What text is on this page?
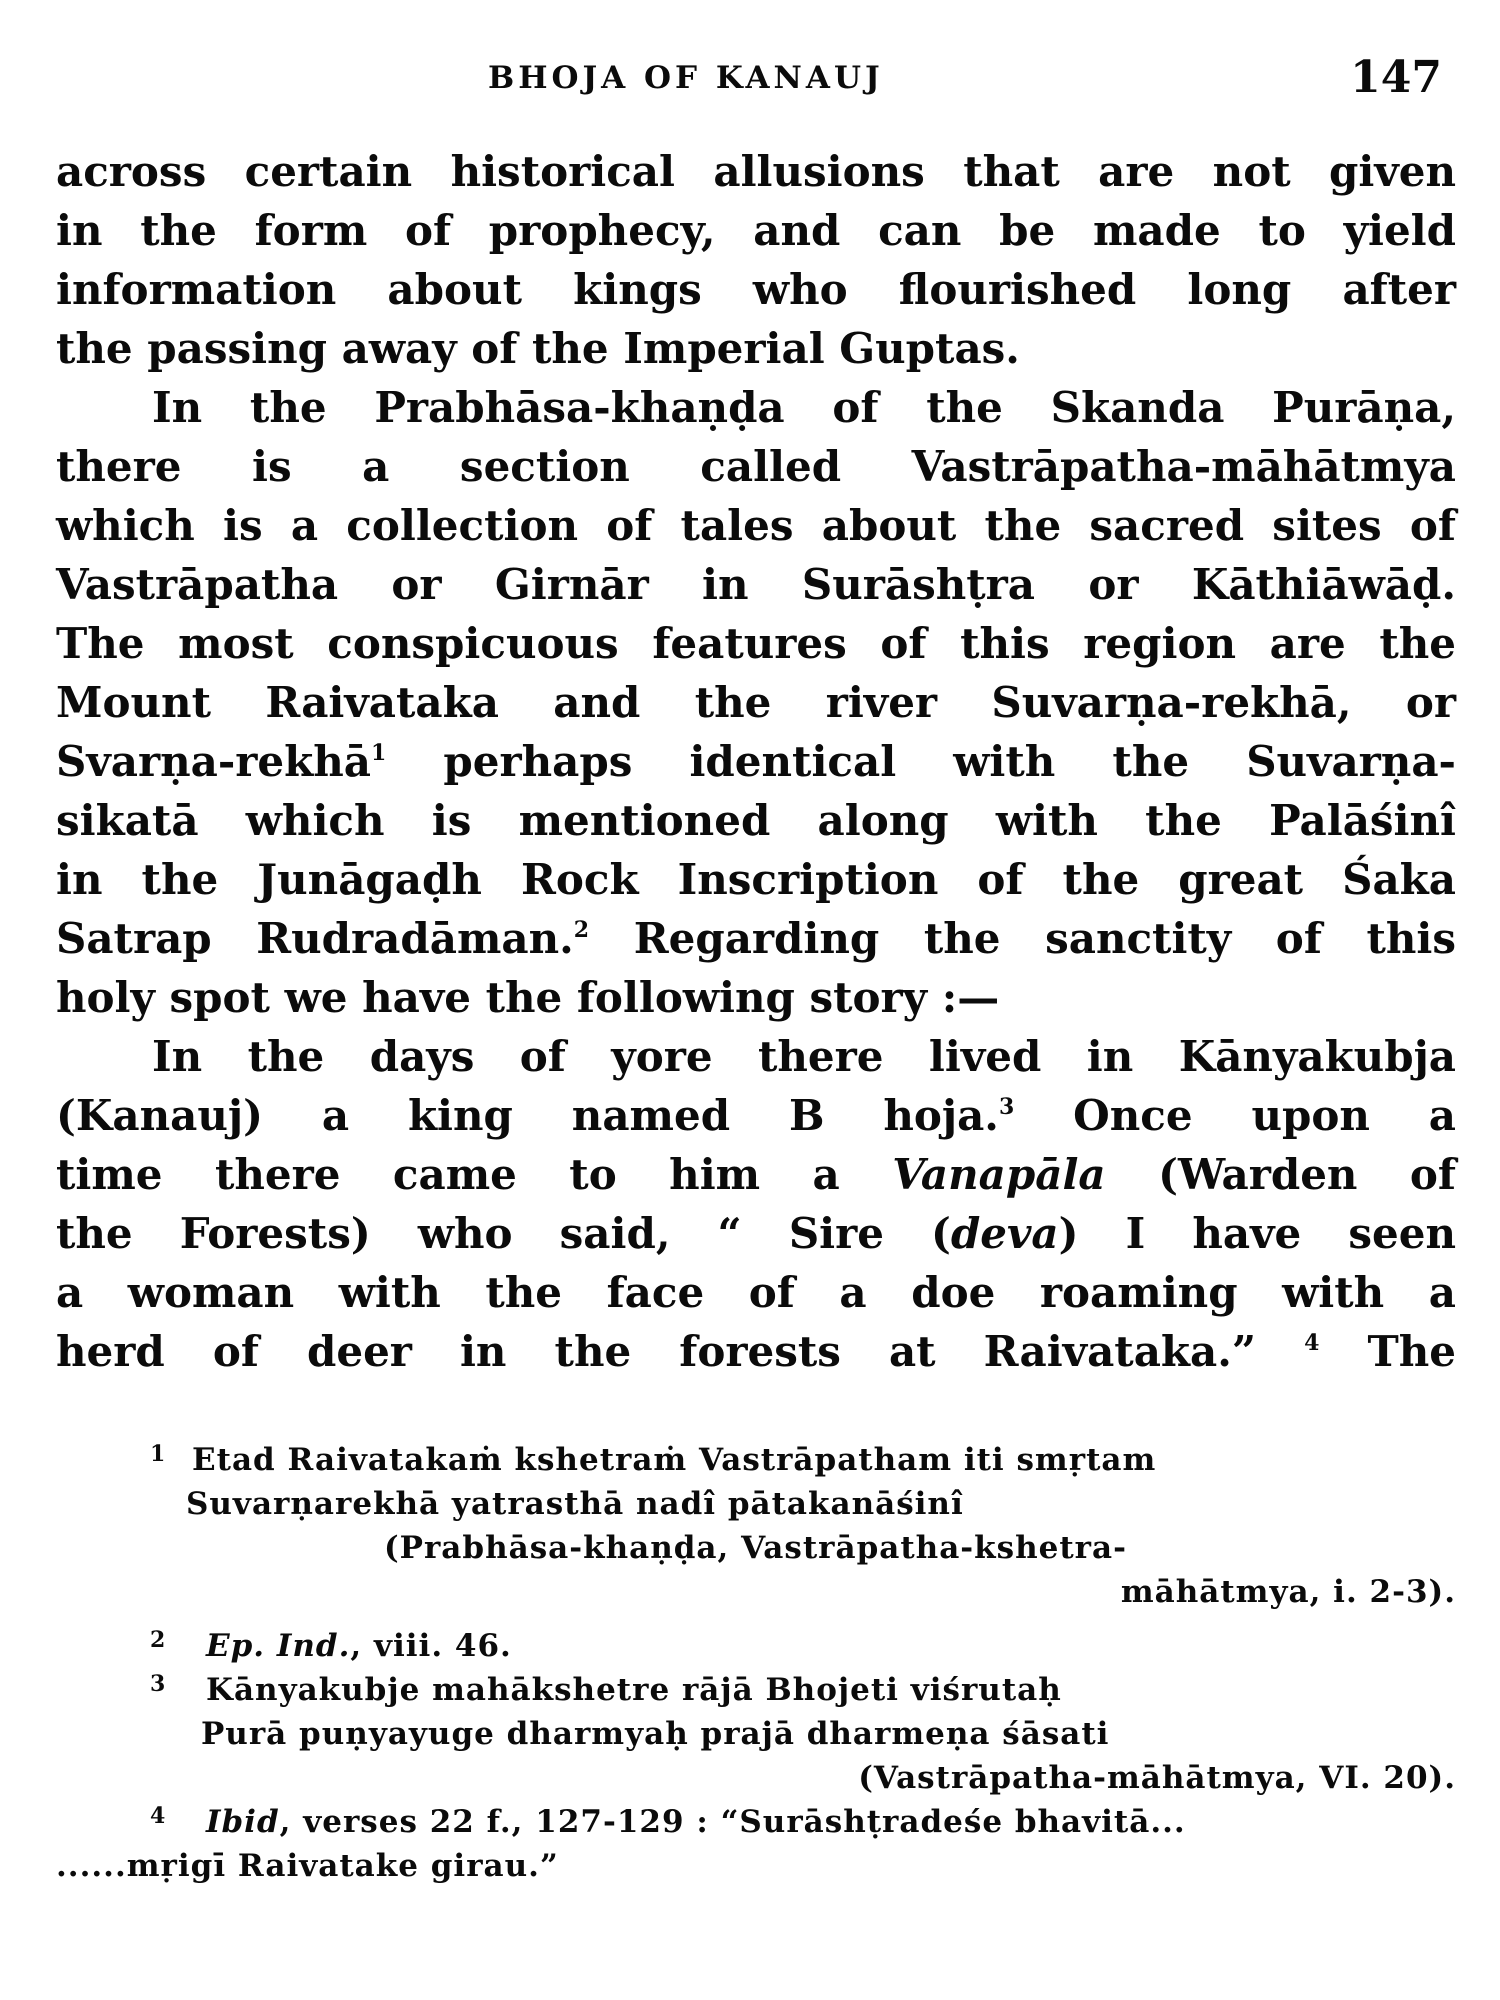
BHOJA OF KANAUJ	147
across certain historical allusions that are not given
in the form of prophecy, and can be made to yield
information about kings who flourished long after
the passing away of the Imperial Guptas.
In the Prabhāsa-khaṇḍa of the Skanda Purāṇa,
there is a section called Vastrāpatha-māhātmya
which is a collection of tales about the sacred sites of
Vastrāpatha or Girnār in Surāshṭra or Kāthiāwāḍ.
The most conspicuous features of this region are the
Mount Raivataka and the river Suvarṇa-rekhā, or
Svarṇa-rekhā$^1$ perhaps identical with the Suvarṇa-
sikatā which is mentioned along with the Palāśinî
in the Junāgaḍh Rock Inscription of the great Śaka
Satrap Rudradāman.$^2$ Regarding the sanctity of this
holy spot we have the following story :—
In the days of yore there lived in Kānyakubja
(Kanauj) a king named B hoja.$^3$ Once upon a
time there came to him a Vanapāla (Warden of
the Forests) who said, “ Sire (deva) I have seen
a woman with the face of a doe roaming with a
herd of deer in the forests at Raivataka.” $^4$ The
1 Etad Raivatakaṁ kshetraṁ Vastrāpatham iti smṛtam
Suvarṇarekhā yatrasthā nadî pātakanāśinî
(Prabhāsa-khaṇḍa, Vastrāpatha-kshetra-
māhātmya, i. 2-3).
2	Ep. Ind., viii. 46.
3	Kānyakubje mahākshetre rājā Bhojeti viśrutaḥ
Purā puṇyayuge dharmyaḥ prajā dharmeṇa śāsati
(Vastrāpatha-māhātmya, VI. 20).
4	Ibid, verses 22 f., 127-129 : “Surāshṭradeśe bhavitā...
......mṛigī Raivatake girau.”
